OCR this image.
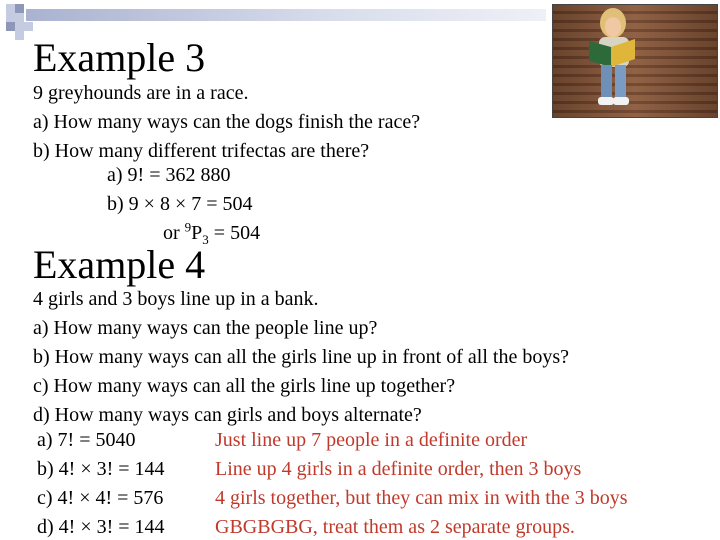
Example 3
9 greyhounds are in a race.
a) How many ways can the dogs finish the race?
b) How many different trifectas are there?
a) 9! = 362 880
b) 9 × 8 × 7 = 504
or $^9P_3 = 504$
Example 4
4 girls and 3 boys line up in a bank.
a) How many ways can the people line up?
b) How many ways can all the girls line up in front of all the boys?
c) How many ways can all the girls line up together?
d) How many ways can girls and boys alternate?
a) 7! = 5040	Just line up 7 people in a definite order
b) 4! × 3! = 144	Line up 4 girls in a definite order, then 3 boys
c) 4! × 4! = 576	4 girls together, but they can mix in with the 3 boys
d) 4! × 3! = 144	GBGBGBG, treat them as 2 separate groups.
